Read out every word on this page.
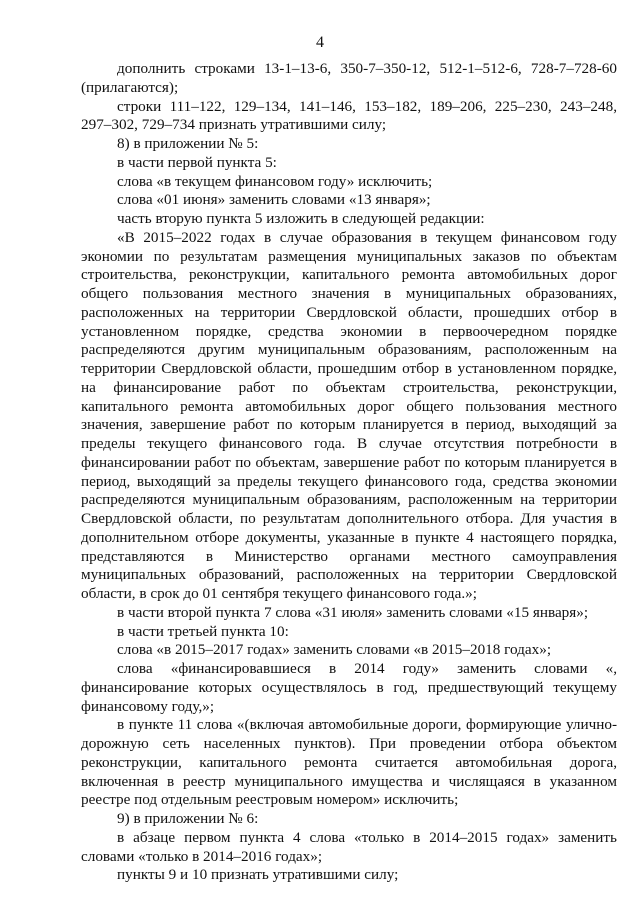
4

дополнить строками 13-1–13-6, 350-7–350-12, 512-1–512-6, 728-7–728-60 (прилагаются);

строки 111–122, 129–134, 141–146, 153–182, 189–206, 225–230, 243–248, 297–302, 729–734 признать утратившими силу;

8) в приложении № 5:

в части первой пункта 5:

слова «в текущем финансовом году» исключить;

слова «01 июня» заменить словами «13 января»;

часть вторую пункта 5 изложить в следующей редакции:

«В 2015–2022 годах в случае образования в текущем финансовом году экономии по результатам размещения муниципальных заказов по объектам строительства, реконструкции, капитального ремонта автомобильных дорог общего пользования местного значения в муниципальных образованиях, расположенных на территории Свердловской области, прошедших отбор в установленном порядке, средства экономии в первоочередном порядке распределяются другим муниципальным образованиям, расположенным на территории Свердловской области, прошедшим отбор в установленном порядке, на финансирование работ по объектам строительства, реконструкции, капитального ремонта автомобильных дорог общего пользования местного значения, завершение работ по которым планируется в период, выходящий за пределы текущего финансового года. В случае отсутствия потребности в финансировании работ по объектам, завершение работ по которым планируется в период, выходящий за пределы текущего финансового года, средства экономии распределяются муниципальным образованиям, расположенным на территории Свердловской области, по результатам дополнительного отбора. Для участия в дополнительном отборе документы, указанные в пункте 4 настоящего порядка, представляются в Министерство органами местного самоуправления муниципальных образований, расположенных на территории Свердловской области, в срок до 01 сентября текущего финансового года.»;

в части второй пункта 7 слова «31 июля» заменить словами «15 января»;

в части третьей пункта 10:

слова «в 2015–2017 годах» заменить словами «в 2015–2018 годах»;

слова «финансировавшиеся в 2014 году» заменить словами «, финансирование которых осуществлялось в год, предшествующий текущему финансовому году,»;

в пункте 11 слова «(включая автомобильные дороги, формирующие улично-дорожную сеть населенных пунктов). При проведении отбора объектом реконструкции, капитального ремонта считается автомобильная дорога, включенная в реестр муниципального имущества и числящаяся в указанном реестре под отдельным реестровым номером» исключить;

9) в приложении № 6:

в абзаце первом пункта 4 слова «только в 2014–2015 годах» заменить словами «только в 2014–2016 годах»;

пункты 9 и 10 признать утратившими силу;
